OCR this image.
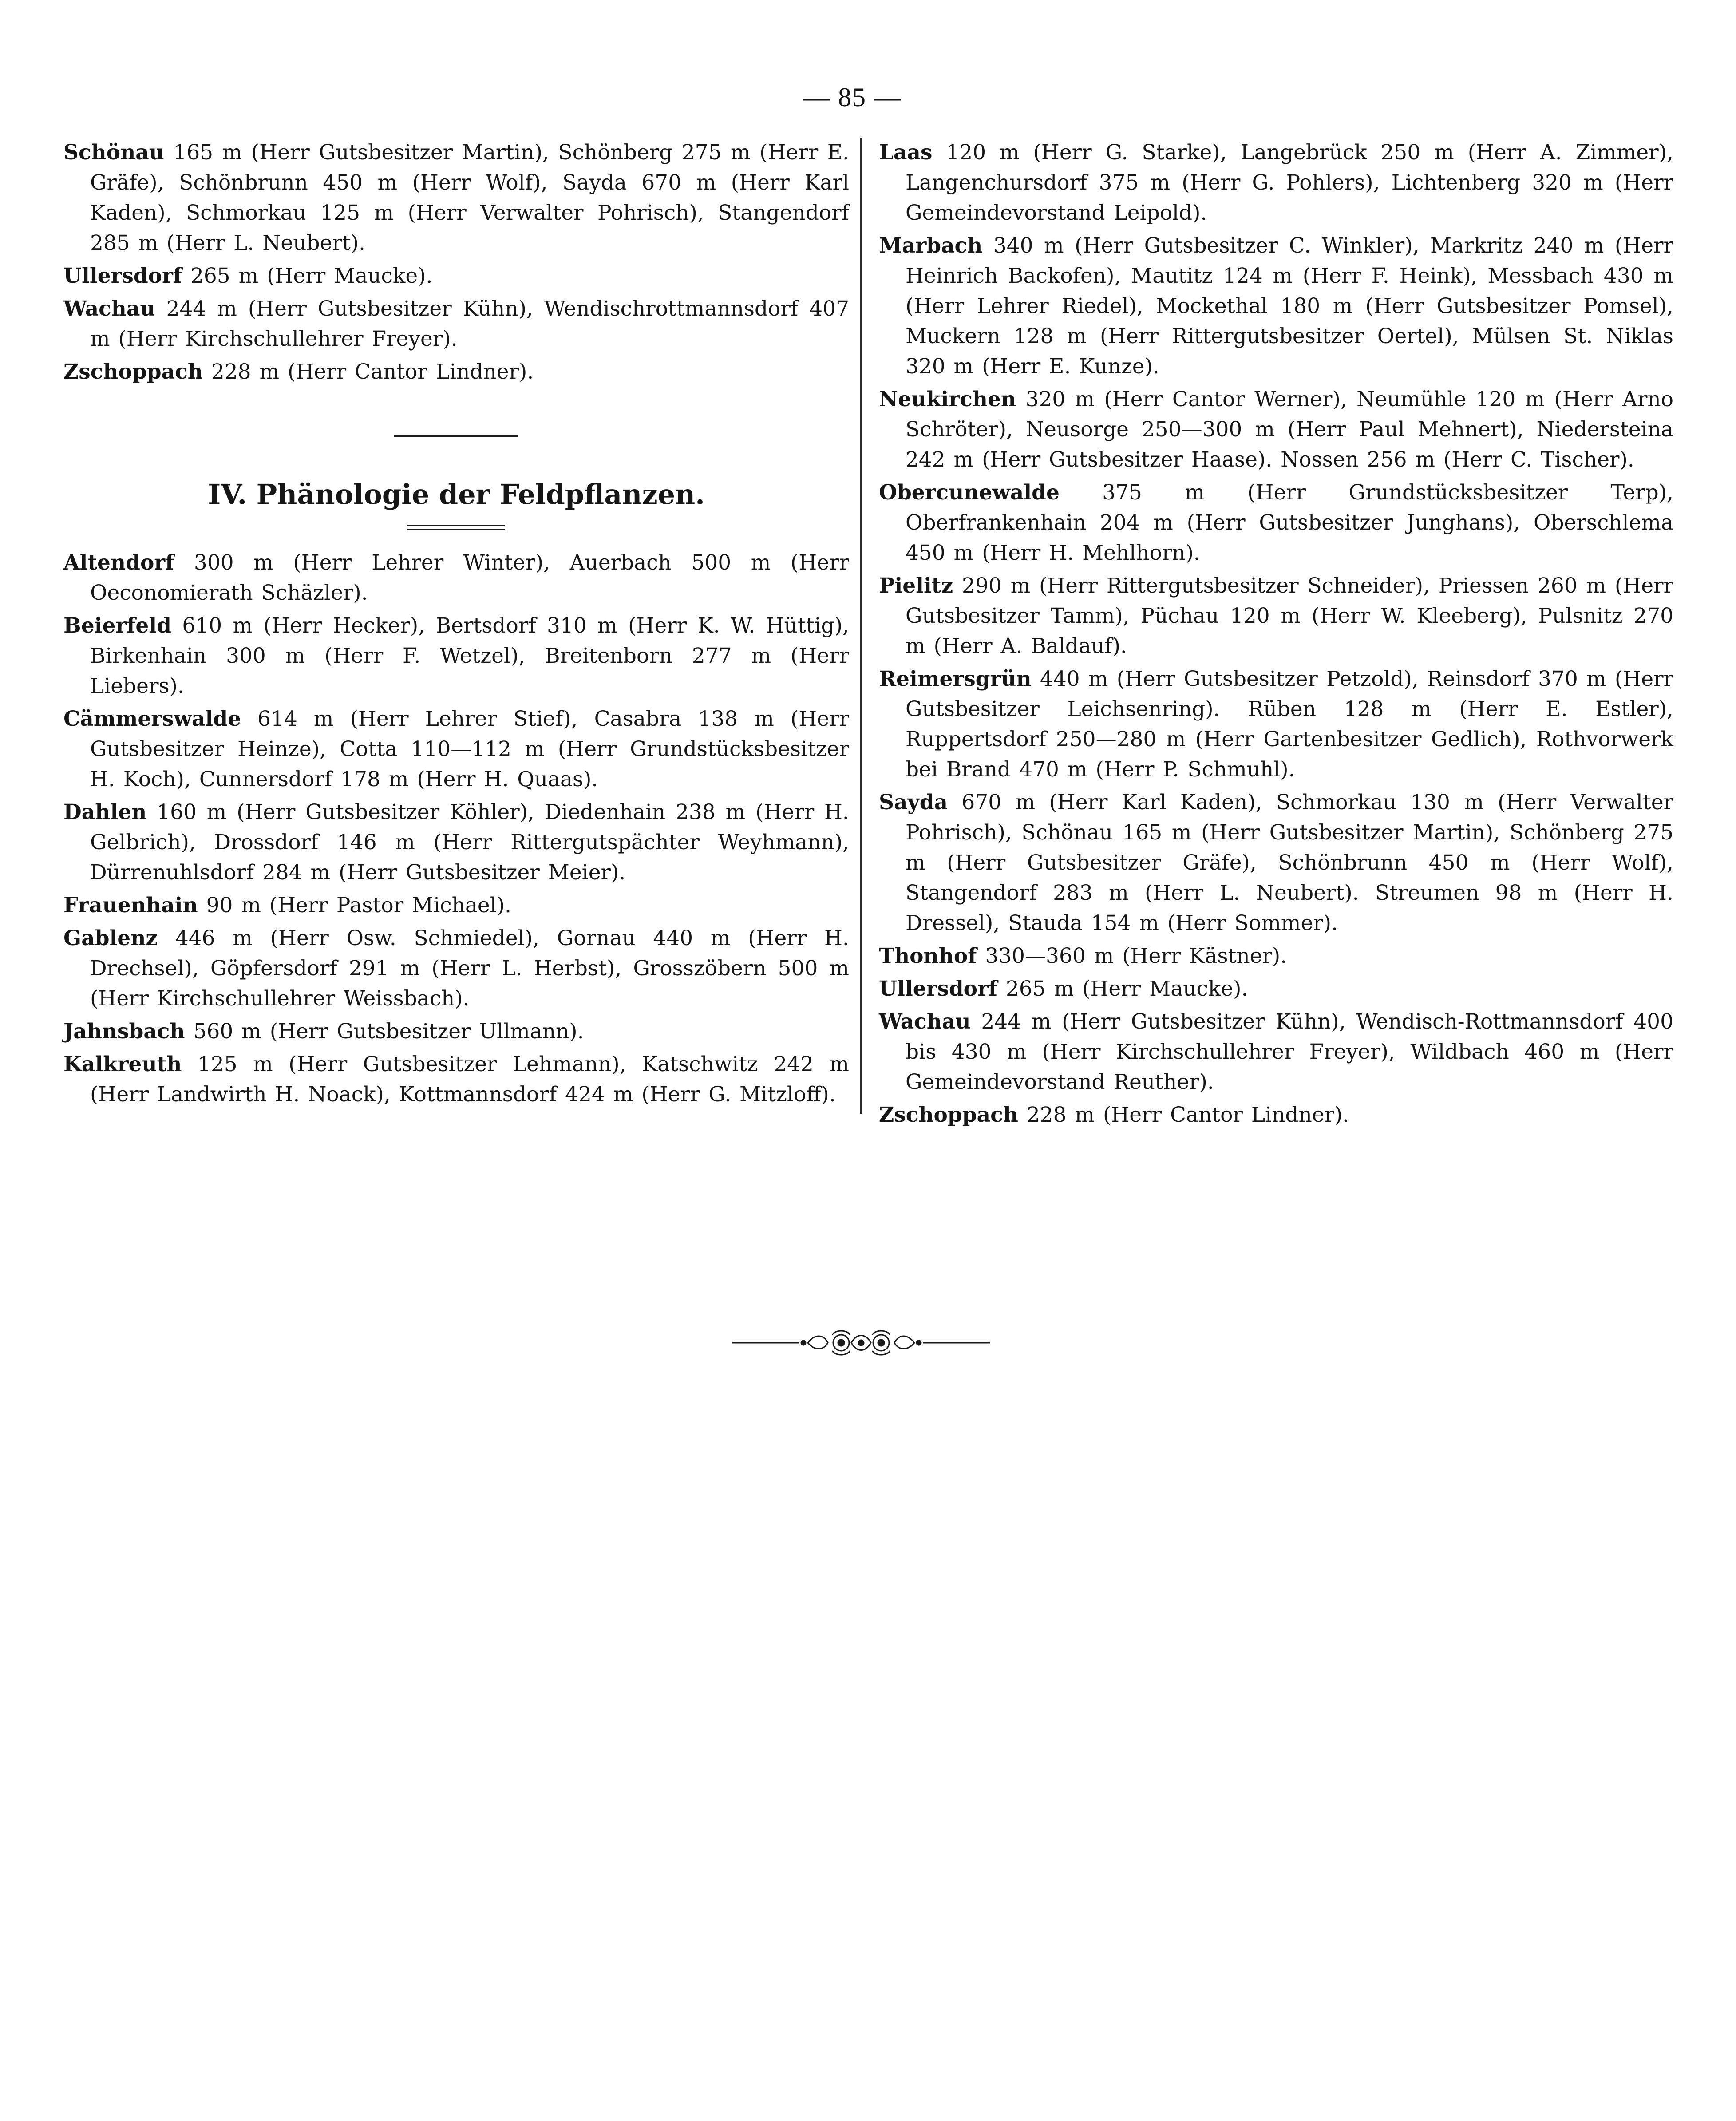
— 85 —

Schönau 165 m (Herr Gutsbesitzer Martin), Schönberg 275 m (Herr E. Gräfe), Schönbrunn 450 m (Herr Wolf), Sayda 670 m (Herr Karl Kaden), Schmorkau 125 m (Herr Verwalter Pohrisch), Stangendorf 285 m (Herr L. Neubert).

Ullersdorf 265 m (Herr Maucke).

Wachau 244 m (Herr Gutsbesitzer Kühn), Wendischrottmannsdorf 407 m (Herr Kirchschullehrer Freyer).

Zschoppach 228 m (Herr Cantor Lindner).

IV. Phänologie der Feldpflanzen.

Altendorf 300 m (Herr Lehrer Winter), Auerbach 500 m (Herr Oeconomierath Schäzler).

Beierfeld 610 m (Herr Hecker), Bertsdorf 310 m (Herr K. W. Hüttig), Birkenhain 300 m (Herr F. Wetzel), Breitenborn 277 m (Herr Liebers).

Cämmerswalde 614 m (Herr Lehrer Stief), Casabra 138 m (Herr Gutsbesitzer Heinze), Cotta 110—112 m (Herr Grundstücksbesitzer H. Koch), Cunnersdorf 178 m (Herr H. Quaas).

Dahlen 160 m (Herr Gutsbesitzer Köhler), Diedenhain 238 m (Herr H. Gelbrich), Drossdorf 146 m (Herr Rittergutspächter Weyhmann), Dürrenuhlsdorf 284 m (Herr Gutsbesitzer Meier).

Frauenhain 90 m (Herr Pastor Michael).

Gablenz 446 m (Herr Osw. Schmiedel), Gornau 440 m (Herr H. Drechsel), Göpfersdorf 291 m (Herr L. Herbst), Grosszöbern 500 m (Herr Kirchschullehrer Weissbach).

Jahnsbach 560 m (Herr Gutsbesitzer Ullmann).

Kalkreuth 125 m (Herr Gutsbesitzer Lehmann), Katschwitz 242 m (Herr Landwirth H. Noack), Kottmannsdorf 424 m (Herr G. Mitzloff).

Laas 120 m (Herr G. Starke), Langebrück 250 m (Herr A. Zimmer), Langenchursdorf 375 m (Herr G. Pohlers), Lichtenberg 320 m (Herr Gemeindevorstand Leipold).

Marbach 340 m (Herr Gutsbesitzer C. Winkler), Markritz 240 m (Herr Heinrich Backofen), Mautitz 124 m (Herr F. Heink), Messbach 430 m (Herr Lehrer Riedel), Mockethal 180 m (Herr Gutsbesitzer Pomsel), Muckern 128 m (Herr Rittergutsbesitzer Oertel), Mülsen St. Niklas 320 m (Herr E. Kunze).

Neukirchen 320 m (Herr Cantor Werner), Neumühle 120 m (Herr Arno Schröter), Neusorge 250—300 m (Herr Paul Mehnert), Niedersteina 242 m (Herr Gutsbesitzer Haase). Nossen 256 m (Herr C. Tischer).

Obercunewalde 375 m (Herr Grundstücksbesitzer Terp), Oberfrankenhain 204 m (Herr Gutsbesitzer Junghans), Oberschlema 450 m (Herr H. Mehlhorn).

Pielitz 290 m (Herr Rittergutsbesitzer Schneider), Priessen 260 m (Herr Gutsbesitzer Tamm), Püchau 120 m (Herr W. Kleeberg), Pulsnitz 270 m (Herr A. Baldauf).

Reimersgrün 440 m (Herr Gutsbesitzer Petzold), Reinsdorf 370 m (Herr Gutsbesitzer Leichsenring). Rüben 128 m (Herr E. Estler), Ruppertsdorf 250—280 m (Herr Gartenbesitzer Gedlich), Rothvorwerk bei Brand 470 m (Herr P. Schmuhl).

Sayda 670 m (Herr Karl Kaden), Schmorkau 130 m (Herr Verwalter Pohrisch), Schönau 165 m (Herr Gutsbesitzer Martin), Schönberg 275 m (Herr Gutsbesitzer Gräfe), Schönbrunn 450 m (Herr Wolf), Stangendorf 283 m (Herr L. Neubert). Streumen 98 m (Herr H. Dressel), Stauda 154 m (Herr Sommer).

Thonhof 330—360 m (Herr Kästner).

Ullersdorf 265 m (Herr Maucke).

Wachau 244 m (Herr Gutsbesitzer Kühn), Wendisch-Rottmannsdorf 400 bis 430 m (Herr Kirchschullehrer Freyer), Wildbach 460 m (Herr Gemeindevorstand Reuther).

Zschoppach 228 m (Herr Cantor Lindner).
